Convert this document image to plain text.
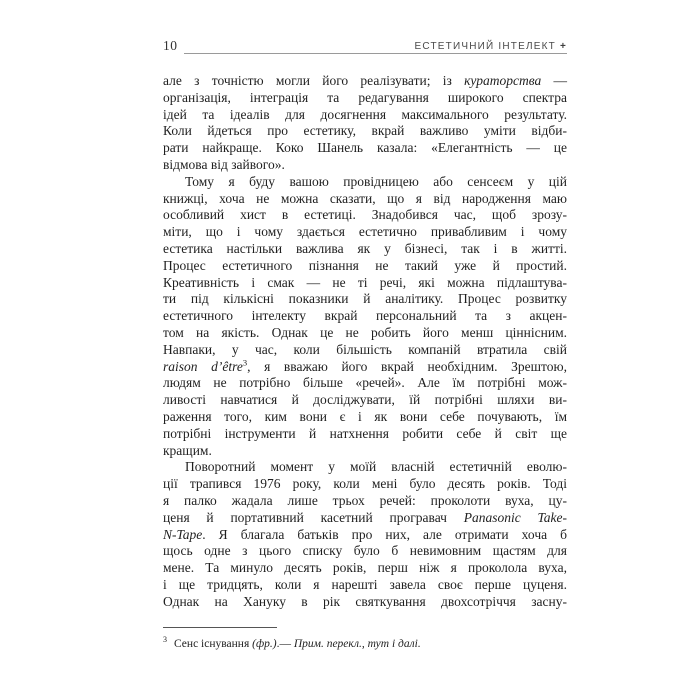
10	ЕСТЕТИЧНИЙ ІНТЕЛЕКТ +
але з точністю могли його реалізувати; із кураторства —
організація, інтеграція та редагування широкого спектра
ідей та ідеалів для досягнення максимального результату.
Коли йдеться про естетику, вкрай важливо уміти відби-
рати найкраще. Коко Шанель казала: «Елегантність — це
відмова від зайвого».
Тому я буду вашою провідницею або сенсеєм у цій
книжці, хоча не можна сказати, що я від народження маю
особливий хист в естетиці. Знадобився час, щоб зрозу-
міти, що і чому здається естетично привабливим і чому
естетика настільки важлива як у бізнесі, так і в житті.
Процес естетичного пізнання не такий уже й простий.
Креативність і смак — не ті речі, які можна підлаштува-
ти під кількісні показники й аналітику. Процес розвитку
естетичного інтелекту вкрай персональний та з акцен-
том на якість. Однак це не робить його менш ціннісним.
Навпаки, у час, коли більшість компаній втратила свій
raison d’être$^3$, я вважаю його вкрай необхідним. Зрештою,
людям не потрібно більше «речей». Але їм потрібні мож-
ливості навчатися й досліджувати, їй потрібні шляхи ви-
раження того, ким вони є і як вони себе почувають, їм
потрібні інструменти й натхнення робити себе й світ ще
кращим.
Поворотний момент у моїй власній естетичній еволю-
ції трапився 1976 року, коли мені було десять років. Тоді
я палко жадала лише трьох речей: проколоти вуха, цу-
ценя й портативний касетний програвач Panasonic Take-
N-Tape. Я благала батьків про них, але отримати хоча б
щось одне з цього списку було б невимовним щастям для
мене. Та минуло десять років, перш ніж я проколола вуха,
і ще тридцять, коли я нарешті завела своє перше цуценя.
Однак на Хануку в рік святкування двохсотріччя засну-
$^3$ Сенс існування (фр.).— Прим. перекл., тут і далі.
